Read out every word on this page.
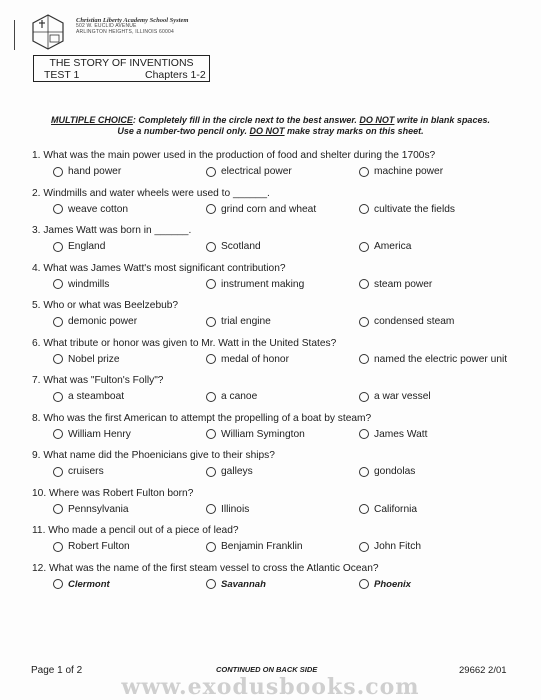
Christian Liberty Academy School System
502 W. EUCLID AVENUE
ARLINGTON HEIGHTS, ILLINOIS 60004
THE STORY OF INVENTIONS
TEST 1	Chapters 1-2
MULTIPLE CHOICE: Completely fill in the circle next to the best answer. DO NOT write in blank spaces.
Use a number-two pencil only. DO NOT make stray marks on this sheet.
1. What was the main power used in the production of food and shelter during the 1700s?
hand power	electrical power	machine power
2. Windmills and water wheels were used to ______.
weave cotton	grind corn and wheat	cultivate the fields
3. James Watt was born in ______.
England	Scotland	America
4. What was James Watt's most significant contribution?
windmills	instrument making	steam power
5. Who or what was Beelzebub?
demonic power	trial engine	condensed steam
6. What tribute or honor was given to Mr. Watt in the United States?
Nobel prize	medal of honor	named the electric power unit
7. What was "Fulton's Folly"?
a steamboat	a canoe	a war vessel
8. Who was the first American to attempt the propelling of a boat by steam?
William Henry	William Symington	James Watt
9. What name did the Phoenicians give to their ships?
cruisers	galleys	gondolas
10. Where was Robert Fulton born?
Pennsylvania	Illinois	California
11. Who made a pencil out of a piece of lead?
Robert Fulton	Benjamin Franklin	John Fitch
12. What was the name of the first steam vessel to cross the Atlantic Ocean?
Clermont	Savannah	Phoenix
Page 1 of 2	CONTINUED ON BACK SIDE	29662 2/01
www.exodusbooks.com
